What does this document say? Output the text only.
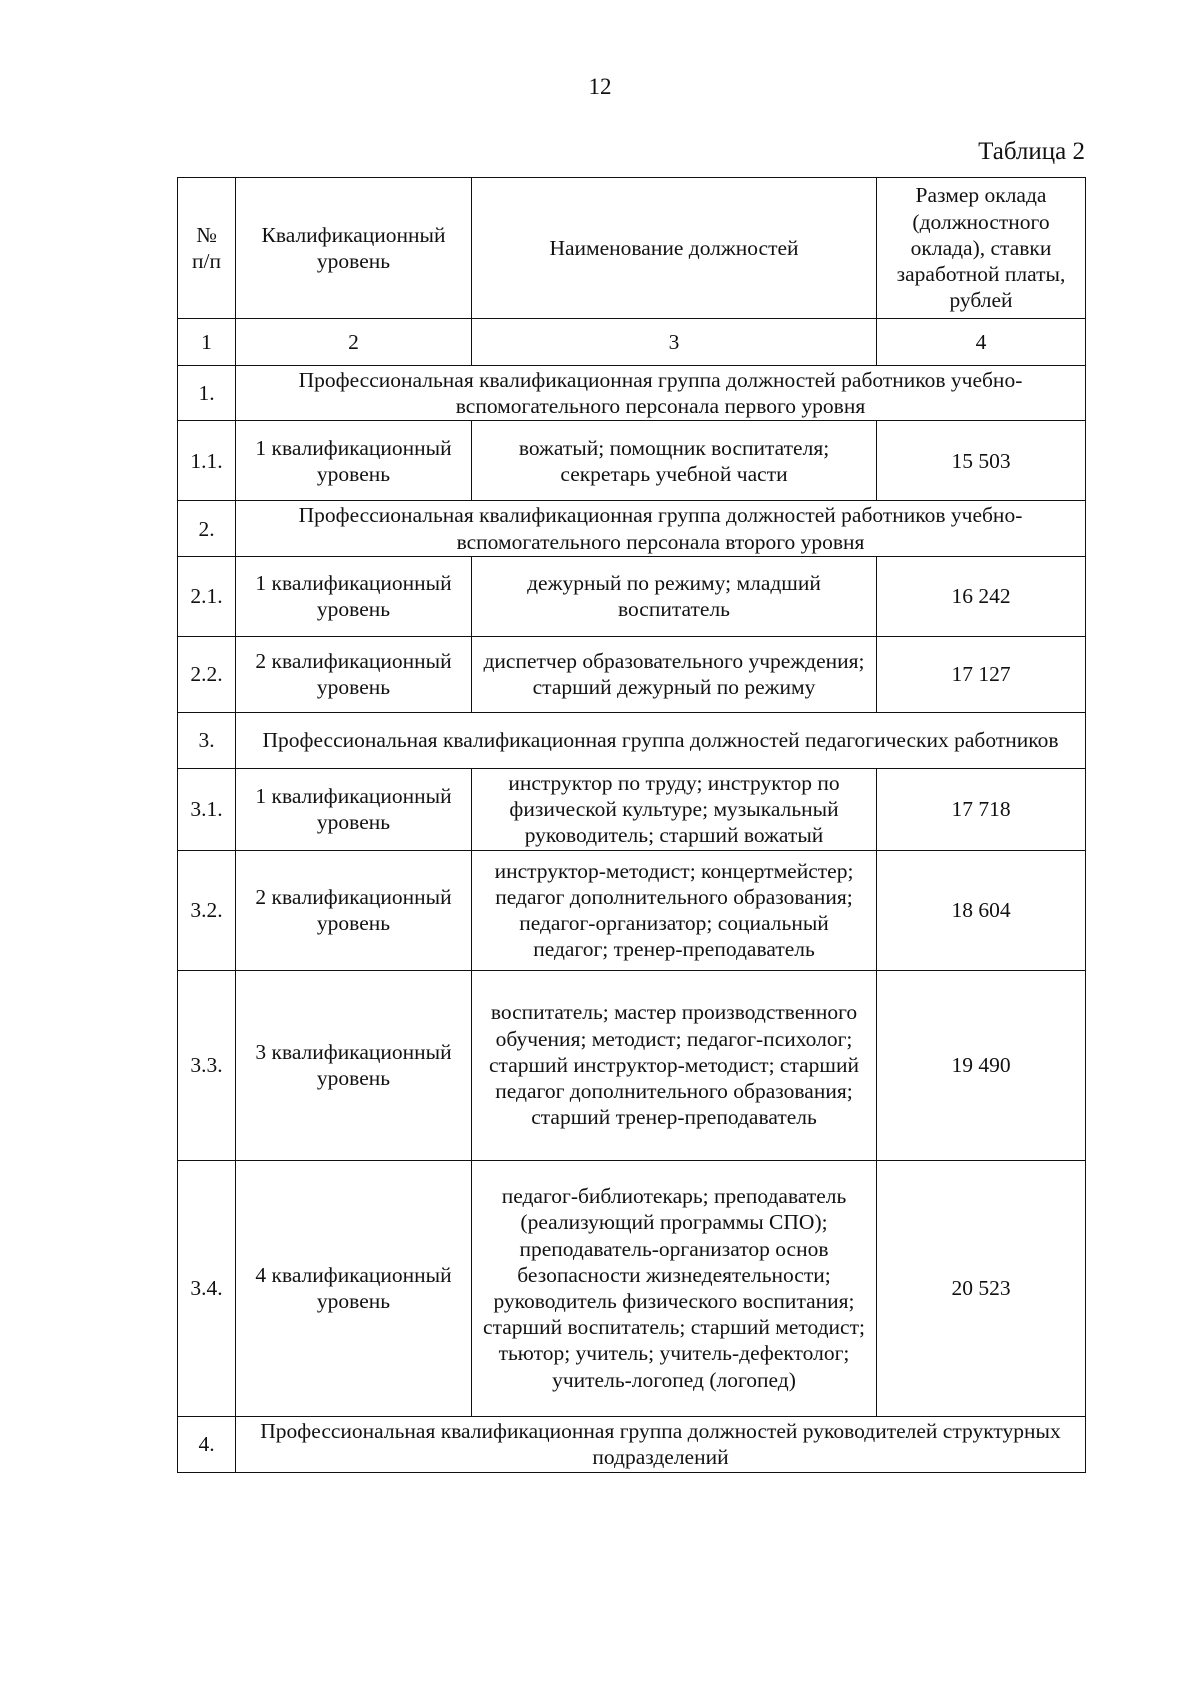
12
Таблица 2
№ п/п	Квалификационный уровень	Наименование должностей	Размер оклада (должностного оклада), ставки заработной платы, рублей
1	2	3	4
1.	Профессиональная квалификационная группа должностей работников учебно-вспомогательного персонала первого уровня		
1.1.	1 квалификационный уровень	вожатый; помощник воспитателя; секретарь учебной части	15 503
2.	Профессиональная квалификационная группа должностей работников учебно-вспомогательного персонала второго уровня		
2.1.	1 квалификационный уровень	дежурный по режиму; младший воспитатель	16 242
2.2.	2 квалификационный уровень	диспетчер образовательного учреждения; старший дежурный по режиму	17 127
3.	Профессиональная квалификационная группа должностей педагогических работников		
3.1.	1 квалификационный уровень	инструктор по труду; инструктор по физической культуре; музыкальный руководитель; старший вожатый	17 718
3.2.	2 квалификационный уровень	инструктор-методист; концертмейстер; педагог дополнительного образования; педагог-организатор; социальный педагог; тренер-преподаватель	18 604
3.3.	3 квалификационный уровень	воспитатель; мастер производственного обучения; методист; педагог-психолог; старший инструктор-методист; старший педагог дополнительного образования; старший тренер-преподаватель	19 490
3.4.	4 квалификационный уровень	педагог-библиотекарь; преподаватель (реализующий программы СПО); преподаватель-организатор основ безопасности жизнедеятельности; руководитель физического воспитания; старший воспитатель; старший методист; тьютор; учитель; учитель-дефектолог; учитель-логопед (логопед)	20 523
4.	Профессиональная квалификационная группа должностей руководителей структурных подразделений		
